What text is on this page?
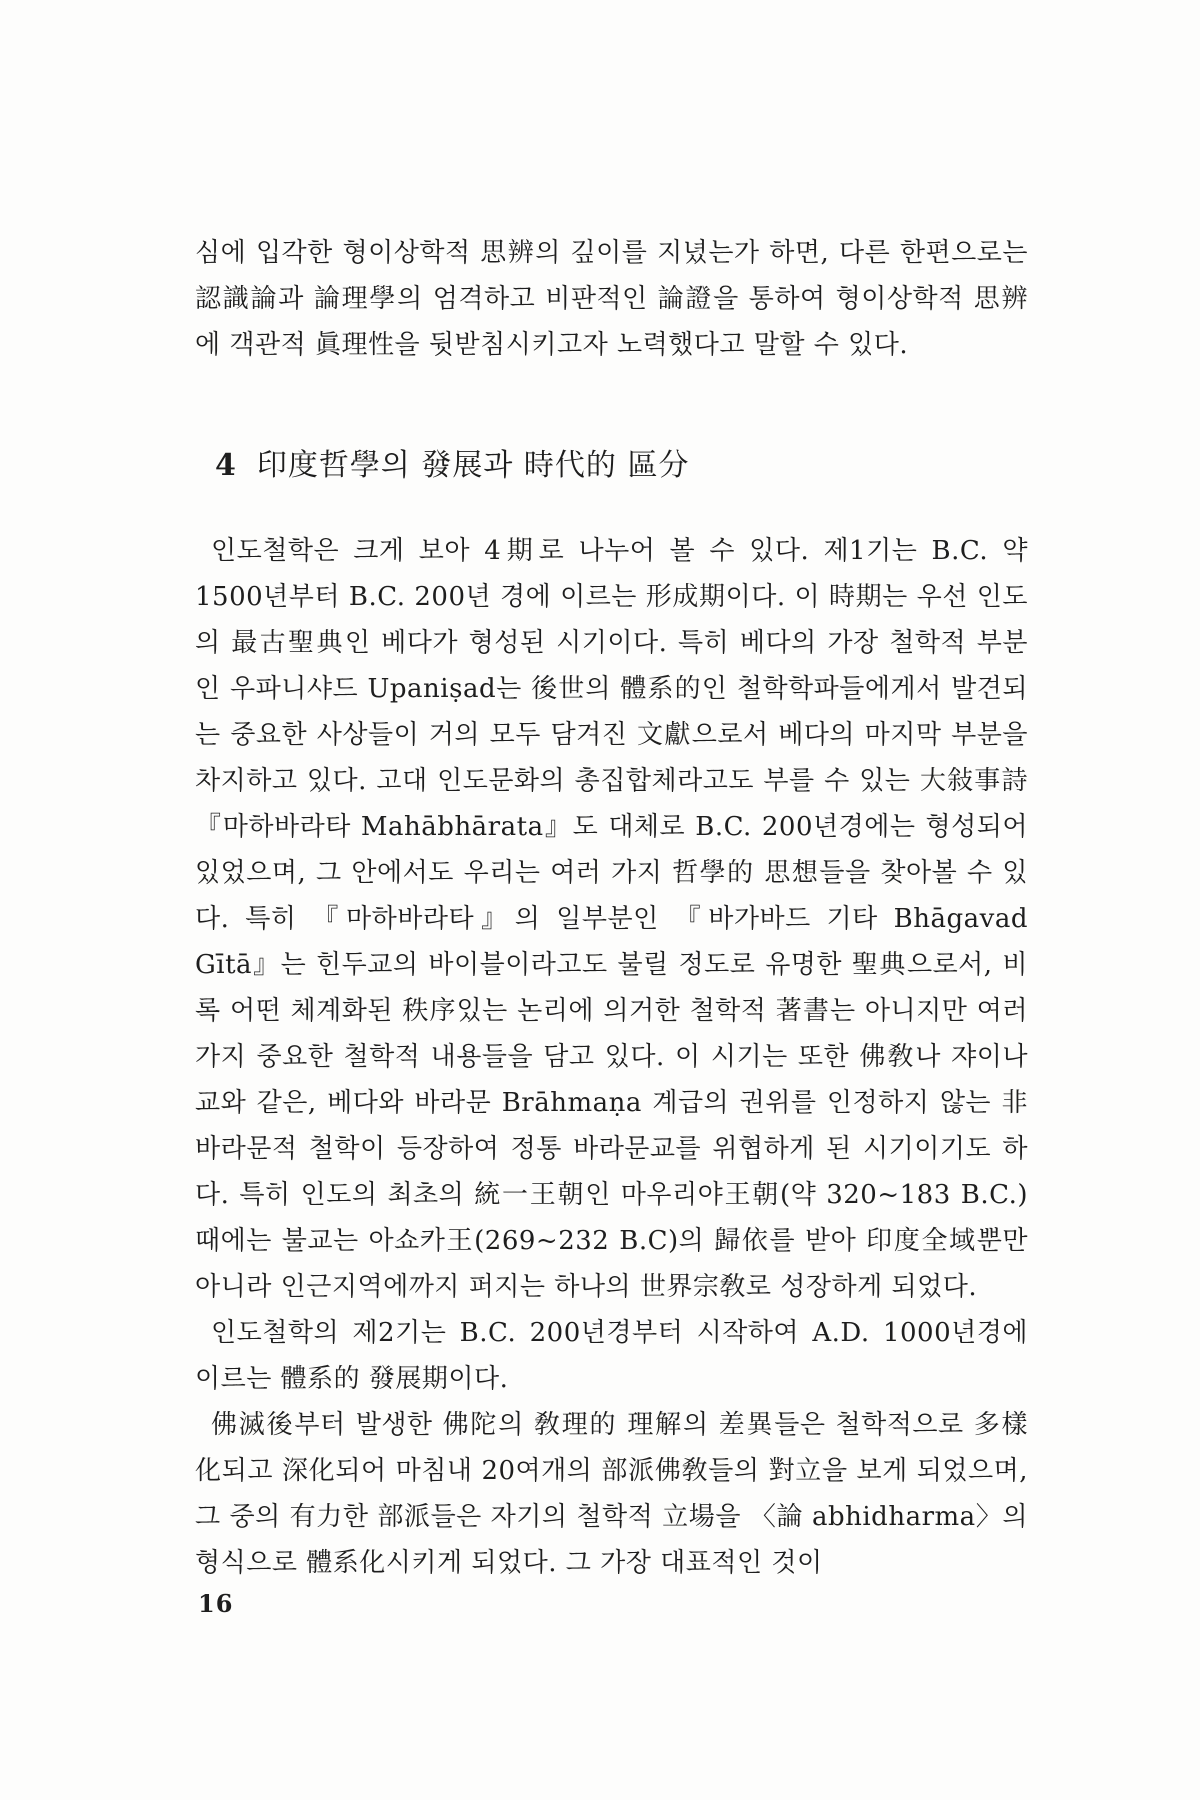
심에 입각한 형이상학적 思辨의 깊이를 지녔는가 하면, 다른 한편으로는 認識論과 論理學의 엄격하고 비판적인 論證을 통하여 형이상학적 思辨에 객관적 眞理性을 뒷받침시키고자 노력했다고 말할 수 있다.

4 印度哲學의 發展과 時代的 區分

인도철학은 크게 보아 4期로 나누어 볼 수 있다. 제1기는 B.C. 약 1500년부터 B.C. 200년 경에 이르는 形成期이다. 이 時期는 우선 인도의 最古聖典인 베다가 형성된 시기이다. 특히 베다의 가장 철학적 부분인 우파니샤드 Upaniṣad는 後世의 體系的인 철학학파들에게서 발견되는 중요한 사상들이 거의 모두 담겨진 文獻으로서 베다의 마지막 부분을 차지하고 있다. 고대 인도문화의 총집합체라고도 부를 수 있는 大敍事詩 『마하바라타 Mahābhārata』도 대체로 B.C. 200년경에는 형성되어 있었으며, 그 안에서도 우리는 여러 가지 哲學的 思想들을 찾아볼 수 있다. 특히 『마하바라타』의 일부분인 『바가바드 기타 Bhāgavad Gītā』는 힌두교의 바이블이라고도 불릴 정도로 유명한 聖典으로서, 비록 어떤 체계화된 秩序있는 논리에 의거한 철학적 著書는 아니지만 여러 가지 중요한 철학적 내용들을 담고 있다. 이 시기는 또한 佛敎나 쟈이나교와 같은, 베다와 바라문 Brāhmaṇa 계급의 권위를 인정하지 않는 非바라문적 철학이 등장하여 정통 바라문교를 위협하게 된 시기이기도 하다. 특히 인도의 최초의 統一王朝인 마우리야王朝(약 320~183 B.C.) 때에는 불교는 아쇼카王(269~232 B.C)의 歸依를 받아 印度全域뿐만 아니라 인근지역에까지 퍼지는 하나의 世界宗敎로 성장하게 되었다.

인도철학의 제2기는 B.C. 200년경부터 시작하여 A.D. 1000년경에 이르는 體系的 發展期이다.

佛滅後부터 발생한 佛陀의 敎理的 理解의 差異들은 철학적으로 多樣化되고 深化되어 마침내 20여개의 部派佛敎들의 對立을 보게 되었으며, 그 중의 有力한 部派들은 자기의 철학적 立場을 〈論 abhidharma〉의 형식으로 體系化시키게 되었다. 그 가장 대표적인 것이

16
